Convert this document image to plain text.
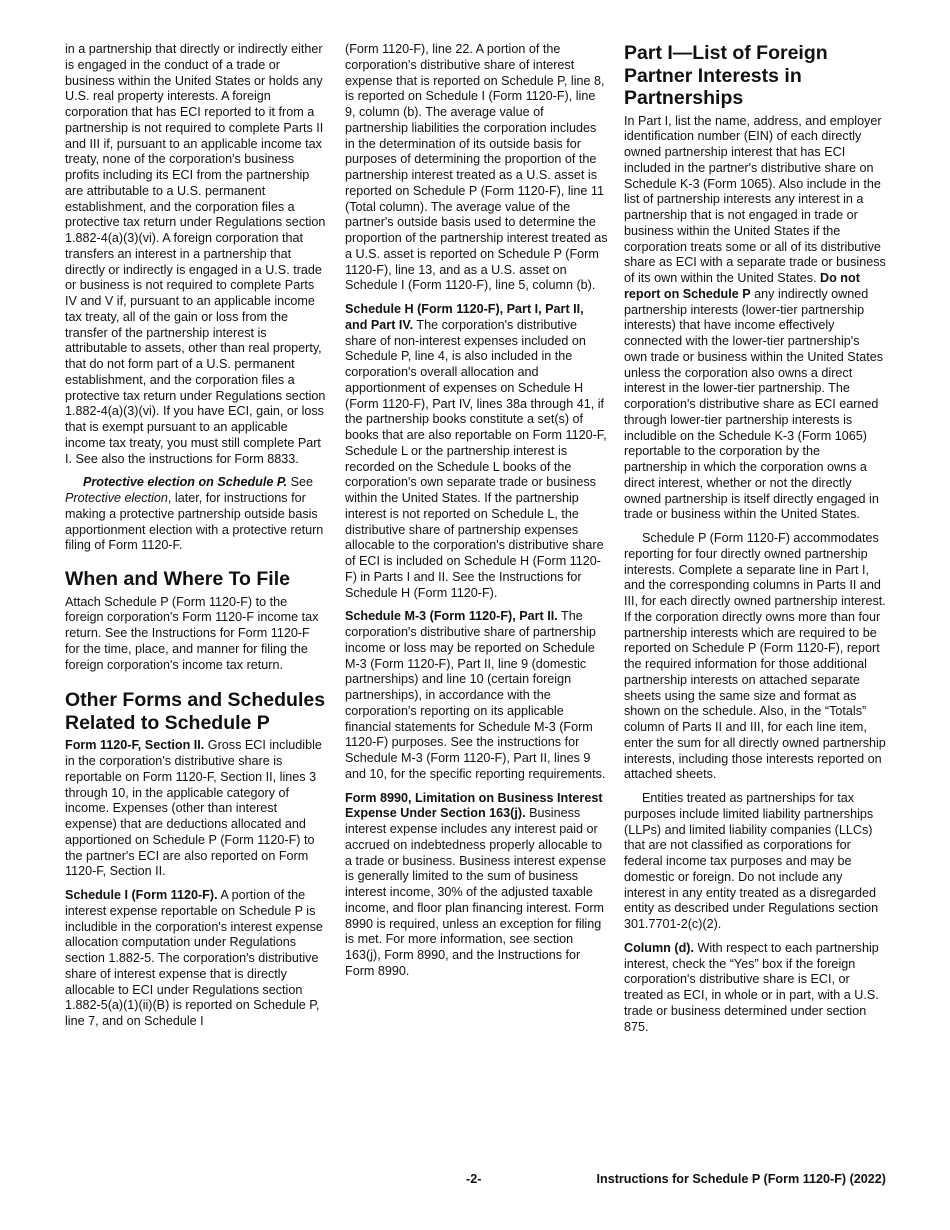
in a partnership that directly or indirectly either is engaged in the conduct of a trade or business within the United States or holds any U.S. real property interests. A foreign corporation that has ECI reported to it from a partnership is not required to complete Parts II and III if, pursuant to an applicable income tax treaty, none of the corporation's business profits including its ECI from the partnership are attributable to a U.S. permanent establishment, and the corporation files a protective tax return under Regulations section 1.882-4(a)(3)(vi). A foreign corporation that transfers an interest in a partnership that directly or indirectly is engaged in a U.S. trade or business is not required to complete Parts IV and V if, pursuant to an applicable income tax treaty, all of the gain or loss from the transfer of the partnership interest is attributable to assets, other than real property, that do not form part of a U.S. permanent establishment, and the corporation files a protective tax return under Regulations section 1.882-4(a)(3)(vi). If you have ECI, gain, or loss that is exempt pursuant to an applicable income tax treaty, you must still complete Part I. See also the instructions for Form 8833.

Protective election on Schedule P. See Protective election, later, for instructions for making a protective partnership outside basis apportionment election with a protective return filing of Form 1120-F.

When and Where To File

Attach Schedule P (Form 1120-F) to the foreign corporation's Form 1120-F income tax return. See the Instructions for Form 1120-F for the time, place, and manner for filing the foreign corporation's income tax return.

Other Forms and Schedules Related to Schedule P

Form 1120-F, Section II. Gross ECI includible in the corporation's distributive share is reportable on Form 1120-F, Section II, lines 3 through 10, in the applicable category of income. Expenses (other than interest expense) that are deductions allocated and apportioned on Schedule P (Form 1120-F) to the partner's ECI are also reported on Form 1120-F, Section II.

Schedule I (Form 1120-F). A portion of the interest expense reportable on Schedule P is includible in the corporation's interest expense allocation computation under Regulations section 1.882-5. The corporation's distributive share of interest expense that is directly allocable to ECI under Regulations section 1.882-5(a)(1)(ii)(B) is reported on Schedule P, line 7, and on Schedule I

(Form 1120-F), line 22. A portion of the corporation's distributive share of interest expense that is reported on Schedule P, line 8, is reported on Schedule I (Form 1120-F), line 9, column (b). The average value of partnership liabilities the corporation includes in the determination of its outside basis for purposes of determining the proportion of the partnership interest treated as a U.S. asset is reported on Schedule P (Form 1120-F), line 11 (Total column). The average value of the partner's outside basis used to determine the proportion of the partnership interest treated as a U.S. asset is reported on Schedule P (Form 1120-F), line 13, and as a U.S. asset on Schedule I (Form 1120-F), line 5, column (b).

Schedule H (Form 1120-F), Part I, Part II, and Part IV. The corporation's distributive share of non-interest expenses included on Schedule P, line 4, is also included in the corporation's overall allocation and apportionment of expenses on Schedule H (Form 1120-F), Part IV, lines 38a through 41, if the partnership books constitute a set(s) of books that are also reportable on Form 1120-F, Schedule L or the partnership interest is recorded on the Schedule L books of the corporation's own separate trade or business within the United States. If the partnership interest is not reported on Schedule L, the distributive share of partnership expenses allocable to the corporation's distributive share of ECI is included on Schedule H (Form 1120-F) in Parts I and II. See the Instructions for Schedule H (Form 1120-F).

Schedule M-3 (Form 1120-F), Part II. The corporation's distributive share of partnership income or loss may be reported on Schedule M-3 (Form 1120-F), Part II, line 9 (domestic partnerships) and line 10 (certain foreign partnerships), in accordance with the corporation's reporting on its applicable financial statements for Schedule M-3 (Form 1120-F) purposes. See the instructions for Schedule M-3 (Form 1120-F), Part II, lines 9 and 10, for the specific reporting requirements.

Form 8990, Limitation on Business Interest Expense Under Section 163(j). Business interest expense includes any interest paid or accrued on indebtedness properly allocable to a trade or business. Business interest expense is generally limited to the sum of business interest income, 30% of the adjusted taxable income, and floor plan financing interest. Form 8990 is required, unless an exception for filing is met. For more information, see section 163(j), Form 8990, and the Instructions for Form 8990.

Part I—List of Foreign Partner Interests in Partnerships

In Part I, list the name, address, and employer identification number (EIN) of each directly owned partnership interest that has ECI included in the partner's distributive share on Schedule K-3 (Form 1065). Also include in the list of partnership interests any interest in a partnership that is not engaged in trade or business within the United States if the corporation treats some or all of its distributive share as ECI with a separate trade or business of its own within the United States. Do not report on Schedule P any indirectly owned partnership interests (lower-tier partnership interests) that have income effectively connected with the lower-tier partnership's own trade or business within the United States unless the corporation also owns a direct interest in the lower-tier partnership. The corporation's distributive share as ECI earned through lower-tier partnership interests is includible on the Schedule K-3 (Form 1065) reportable to the corporation by the partnership in which the corporation owns a direct interest, whether or not the directly owned partnership is itself directly engaged in trade or business within the United States.

Schedule P (Form 1120-F) accommodates reporting for four directly owned partnership interests. Complete a separate line in Part I, and the corresponding columns in Parts II and III, for each directly owned partnership interest. If the corporation directly owns more than four partnership interests which are required to be reported on Schedule P (Form 1120-F), report the required information for those additional partnership interests on attached separate sheets using the same size and format as shown on the schedule. Also, in the “Totals” column of Parts II and III, for each line item, enter the sum for all directly owned partnership interests, including those interests reported on attached sheets.

Entities treated as partnerships for tax purposes include limited liability partnerships (LLPs) and limited liability companies (LLCs) that are not classified as corporations for federal income tax purposes and may be domestic or foreign. Do not include any interest in any entity treated as a disregarded entity as described under Regulations section 301.7701-2(c)(2).

Column (d). With respect to each partnership interest, check the “Yes” box if the foreign corporation's distributive share is ECI, or treated as ECI, in whole or in part, with a U.S. trade or business determined under section 875.

-2-	Instructions for Schedule P (Form 1120-F) (2022)
